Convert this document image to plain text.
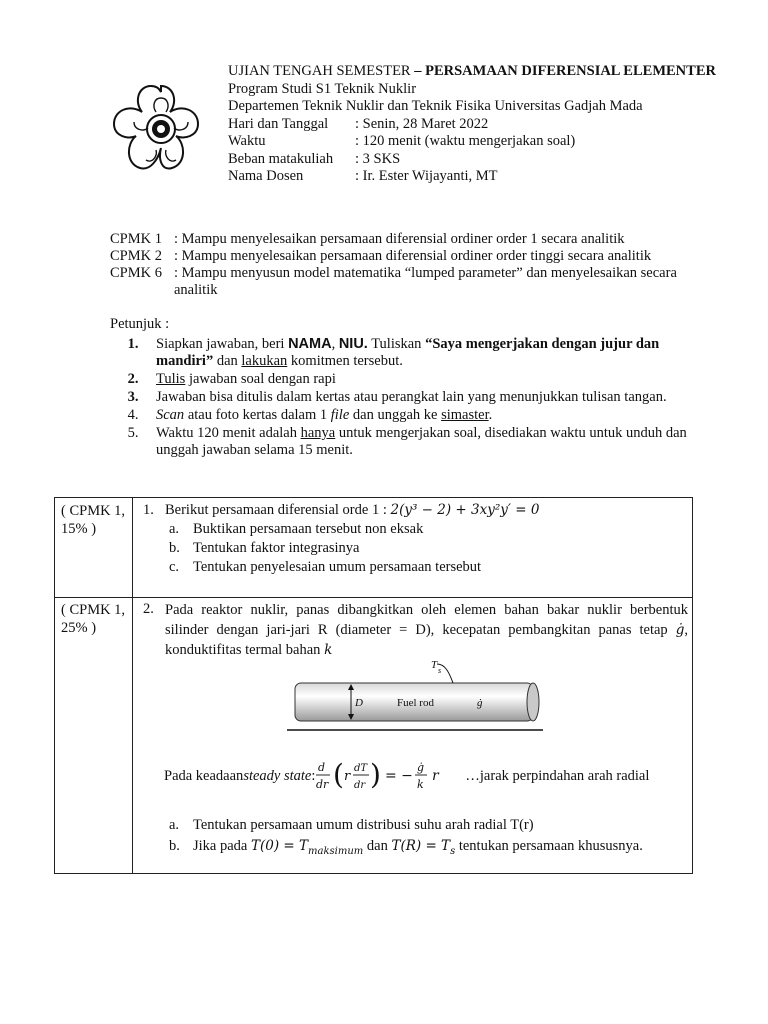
UJIAN TENGAH SEMESTER – PERSAMAAN DIFERENSIAL ELEMENTER
Program Studi S1 Teknik Nuklir
Departemen Teknik Nuklir dan Teknik Fisika Universitas Gadjah Mada
Hari dan Tanggal	: Senin, 28 Maret 2022
Waktu	: 120 menit (waktu mengerjakan soal)
Beban matakuliah	: 3 SKS
Nama Dosen	: Ir. Ester Wijayanti, MT
CPMK 1 : Mampu menyelesaikan persamaan diferensial ordiner order 1 secara analitik
CPMK 2 : Mampu menyelesaikan persamaan diferensial ordiner order tinggi secara analitik
CPMK 6 : Mampu menyusun model matematika “lumped parameter” dan menyelesaikan secara analitik
Petunjuk :
1.	Siapkan jawaban, beri NAMA, NIU. Tuliskan “Saya mengerjakan dengan jujur dan mandiri” dan lakukan komitmen tersebut.
2.	Tulis jawaban soal dengan rapi
3.	Jawaban bisa ditulis dalam kertas atau perangkat lain yang menunjukkan tulisan tangan.
4.	Scan atau foto kertas dalam 1 file dan unggah ke simaster.
5.	Waktu 120 menit adalah hanya untuk mengerjakan soal, disediakan waktu untuk unduh dan unggah jawaban selama 15 menit.
( CPMK 1, 15% )
1. Berikut persamaan diferensial orde 1 : 2(y³ − 2) + 3xy²y′ = 0
a. Buktikan persamaan tersebut non eksak
b. Tentukan faktor integrasinya
c. Tentukan penyelesaian umum persamaan tersebut
( CPMK 1, 25% )
2. Pada reaktor nuklir, panas dibangkitkan oleh elemen bahan bakar nuklir berbentuk silinder dengan jari-jari R (diameter = D), kecepatan pembangkitan panas tetap ġ, konduktifitas termal bahan k
D	Fuel rod	ġ
T s
Pada keadaan steady state : d
dr ( r
dT
dr ) = −
ġ
k
r …jarak perpindahan arah radial
a. Tentukan persamaan umum distribusi suhu arah radial T(r)
b. Jika pada $T(0) = T_{maksimum}$ dan $T(R) = T_s$ tentukan persamaan khususnya.
